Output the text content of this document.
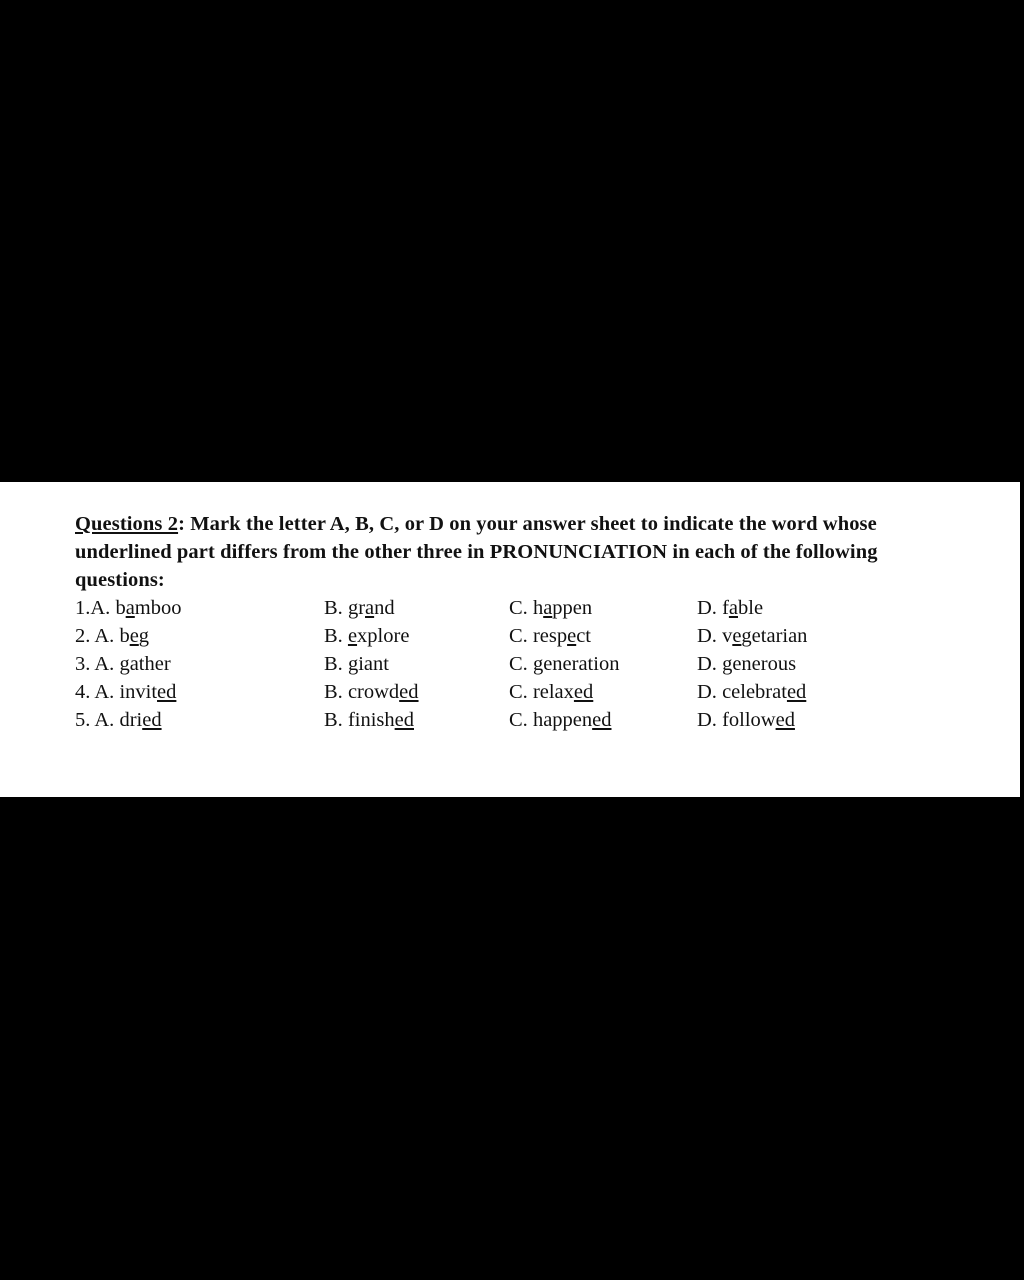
Questions 2: Mark the letter A, B, C, or D on your answer sheet to indicate the word whose underlined part differs from the other three in PRONUNCIATION in each of the following questions:
1.A. bamboo	B. grand	C. happen	D. fable
2. A. beg	B. explore	C. respect	D. vegetarian
3. A. gather	B. giant	C. generation	D. generous
4. A. invited	B. crowded	C. relaxed	D. celebrated
5. A. dried	B. finished	C. happened	D. followed
